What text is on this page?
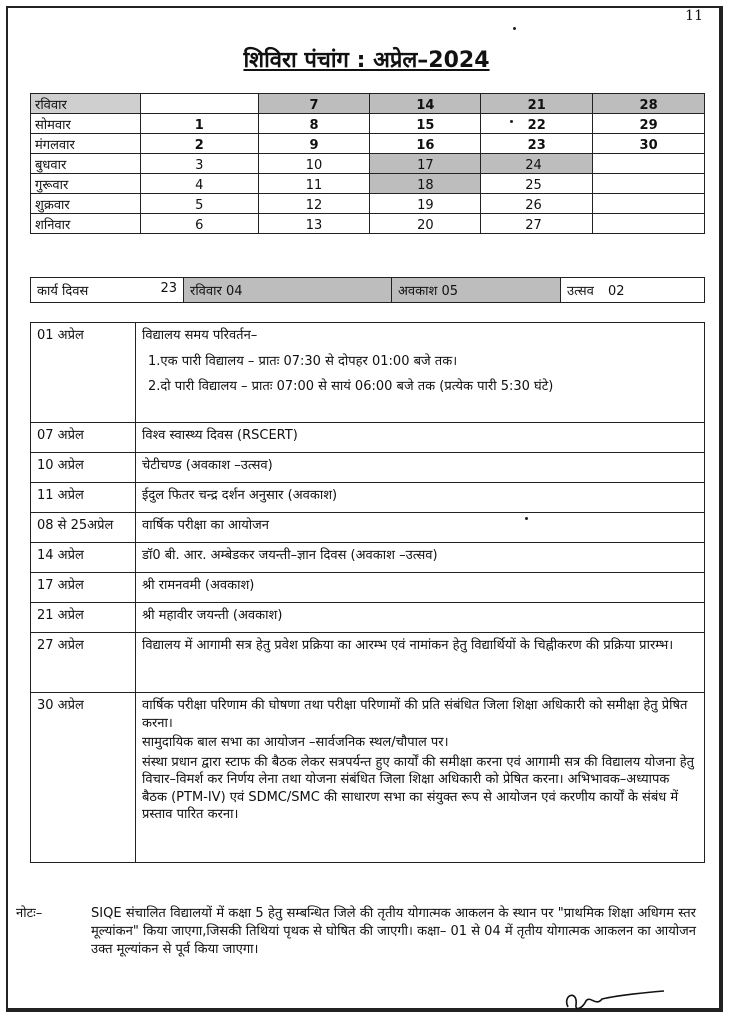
11
शिविरा पंचांग : अप्रेल–2024
रविवार		7	14	21	28
सोमवार	1	8	15	22	29
मंगलवार	2	9	16	23	30
बुधवार	3	10	17	24	
गुरूवार	4	11	18	25	
शुक्रवार	5	12	19	26	
शनिवार	6	13	20	27	
कार्य दिवस	23	रविवार 04	अवकाश 05	उत्सव 02
01 अप्रेल	विद्यालय समय परिवर्तन–

1.एक पारी विद्यालय – प्रातः 07:30 से दोपहर 01:00 बजे तक।

2.दो पारी विद्यालय – प्रातः 07:00 से सायं 06:00 बजे तक (प्रत्येक पारी 5:30 घंटे)

07 अप्रेल	विश्व स्वास्थ्य दिवस (RSCERT)

10 अप्रेल	चेटीचण्ड (अवकाश –उत्सव)

11 अप्रेल	ईदुल फितर चन्द्र दर्शन अनुसार (अवकाश)

08 से 25अप्रेल	वार्षिक परीक्षा का आयोजन

14 अप्रेल	डॉ0 बी. आर. अम्बेडकर जयन्ती–ज्ञान दिवस (अवकाश –उत्सव)

17 अप्रेल	श्री रामनवमी (अवकाश)

21 अप्रेल	श्री महावीर जयन्ती (अवकाश)

27 अप्रेल	विद्यालय में आगामी सत्र हेतु प्रवेश प्रक्रिया का आरम्भ एवं नामांकन हेतु विद्यार्थियों के चिह्नीकरण की प्रक्रिया प्रारम्भ।

30 अप्रेल	वार्षिक परीक्षा परिणाम की घोषणा तथा परीक्षा परिणामों की प्रति संबंधित जिला शिक्षा अधिकारी को समीक्षा हेतु प्रेषित करना।

सामुदायिक बाल सभा का आयोजन –सार्वजनिक स्थल/चौपाल पर।

संस्था प्रधान द्वारा स्टाफ की बैठक लेकर सत्रपर्यन्त हुए कार्यों की समीक्षा करना एवं आगामी सत्र की विद्यालय योजना हेतु विचार–विमर्श कर निर्णय लेना तथा योजना संबंधित जिला शिक्षा अधिकारी को प्रेषित करना। अभिभावक–अध्यापक बैठक (PTM-IV) एवं SDMC/SMC की साधारण सभा का संयुक्त रूप से आयोजन एवं करणीय कार्यों के संबंध में प्रस्ताव पारित करना।

नोटः–	SIQE संचालित विद्यालयों में कक्षा 5 हेतु सम्बन्धित जिले की तृतीय योगात्मक आकलन के स्थान पर "प्राथमिक शिक्षा अधिगम स्तर मूल्यांकन" किया जाएगा,जिसकी तिथियां पृथक से घोषित की जाएगी। कक्षा– 01 से 04 में तृतीय योगात्मक आकलन का आयोजन उक्त मूल्यांकन से पूर्व किया जाएगा।
